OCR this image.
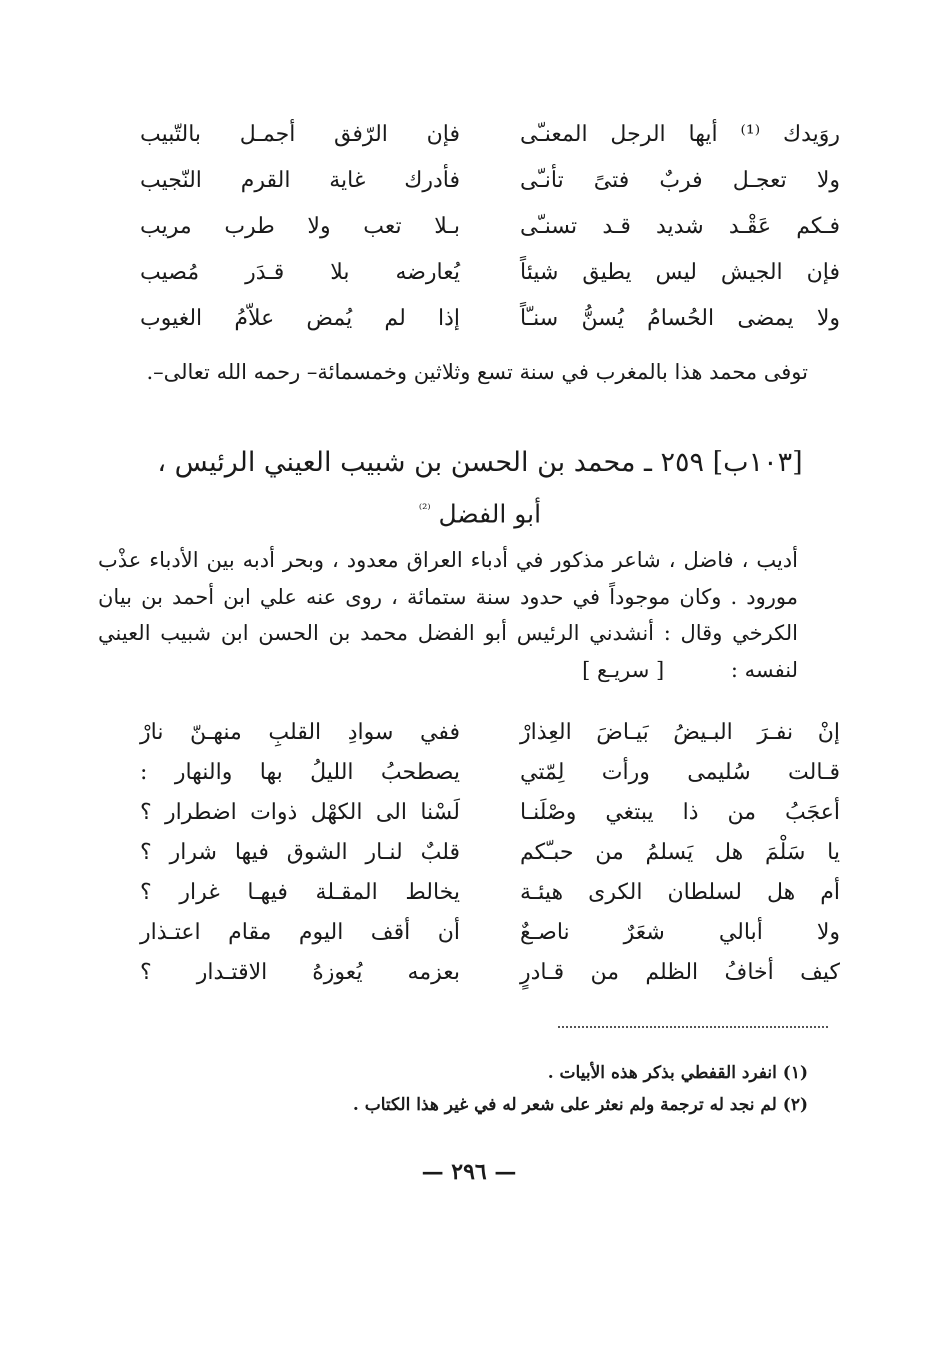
روَيدك ⁽¹⁾ أيها الرجل المعنـّى
فإن الرّفق أجمـل بالتّبيب
ولا تعجـل فربٌ فتىً تأنـّى
فأدرك غاية القرم النّجيب
فـكم عَقْـد شديد قـد تسنـّى
بـلا تعب ولا طرب مريب
فإن الجيش ليس يطيق شيئاً
يُعارضه بلا قـدَر مُصيب
ولا يمضى الحُسامُ يُسنُّ سنـّاً
إذا لم يُمض علاّمُ الغيوب
توفى محمد هذا بالمغرب في سنة تسع وثلاثين وخمسمائة– رحمه الله تعالى–.
[١٠٣ب] ٢٥٩ ـ محمد بن الحسن بن شبيب العيني الرئيس ،
أبو الفضل $^{^{(2)}}$
أديب ، فاضل ، شاعر مذكور في أدباء العراق معدود ، وبحر أدبه بين الأدباء عذْب مورود . وكان موجوداً في حدود سنة ستمائة ، روى عنه علي ابن أحمد بن بيان الكرخي وقال : أنشدني الرئيس أبو الفضل محمد بن الحسن ابن شبيب العيني لنفسه : [ سريـع ]
إنْ نفـرَ البـيضُ بَيـاضَ العِذارْ
ففي سوادِ القلبِ منهـنّ نارْ
قـالت سُليمى ورأت لِمّتي
يصطحبُ الليلُ بها والنهار :
أعجَبُ من ذا يبتغي وصْلَنـا
لَسْنا الى الكهْل ذوات اضطرار ؟
يا سَلْمَ هل يَسلمُ من حبـّكم
قلبٌ لنـار الشوق فيها شرار ؟
أم هل لسلطان الكرى هيئـة
يخالط المقـلة فيهـا غرار ؟
ولا أبالي شعَرٌ ناصـعٌ
أن أقف اليوم مقام اعتـذار
كيف أخافُ الظلم من قـادرٍ
بعزمه يُعوزهُ الاقتـدار ؟
(١) انفرد القفطي بذكر هذه الأبيات .
(٢) لم نجد له ترجمة ولم نعثر على شعر له في غير هذا الكتاب .
— ٢٩٦ —
